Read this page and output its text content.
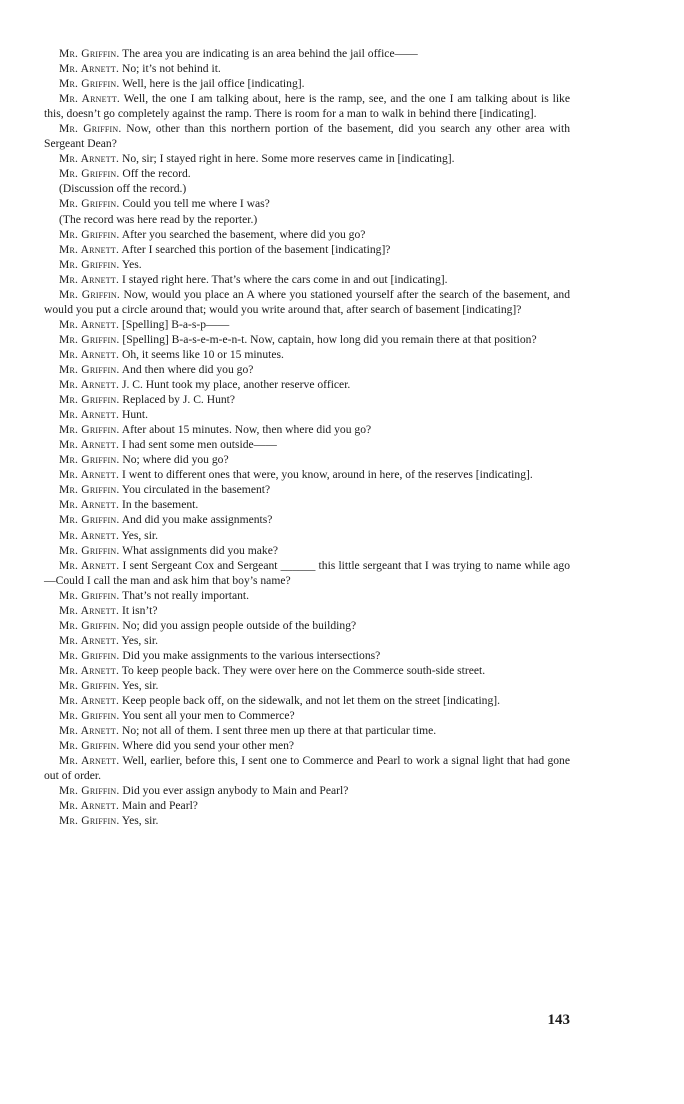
Mr. Griffin. The area you are indicating is an area behind the jail office——

Mr. Arnett. No; it’s not behind it.

Mr. Griffin. Well, here is the jail office [indicating].

Mr. Arnett. Well, the one I am talking about, here is the ramp, see, and the one I am talking about is like this, doesn’t go completely against the ramp. There is room for a man to walk in behind there [indicating].

Mr. Griffin. Now, other than this northern portion of the basement, did you search any other area with Sergeant Dean?

Mr. Arnett. No, sir; I stayed right in here. Some more reserves came in [indicating].

Mr. Griffin. Off the record.

(Discussion off the record.)

Mr. Griffin. Could you tell me where I was?

(The record was here read by the reporter.)

Mr. Griffin. After you searched the basement, where did you go?

Mr. Arnett. After I searched this portion of the basement [indicating]?

Mr. Griffin. Yes.

Mr. Arnett. I stayed right here. That’s where the cars come in and out [indicating].

Mr. Griffin. Now, would you place an A where you stationed yourself after the search of the basement, and would you put a circle around that; would you write around that, after search of basement [indicating]?

Mr. Arnett. [Spelling] B-a-s-p——

Mr. Griffin. [Spelling] B-a-s-e-m-e-n-t. Now, captain, how long did you remain there at that position?

Mr. Arnett. Oh, it seems like 10 or 15 minutes.

Mr. Griffin. And then where did you go?

Mr. Arnett. J. C. Hunt took my place, another reserve officer.

Mr. Griffin. Replaced by J. C. Hunt?

Mr. Arnett. Hunt.

Mr. Griffin. After about 15 minutes. Now, then where did you go?

Mr. Arnett. I had sent some men outside——

Mr. Griffin. No; where did you go?

Mr. Arnett. I went to different ones that were, you know, around in here, of the reserves [indicating].

Mr. Griffin. You circulated in the basement?

Mr. Arnett. In the basement.

Mr. Griffin. And did you make assignments?

Mr. Arnett. Yes, sir.

Mr. Griffin. What assignments did you make?

Mr. Arnett. I sent Sergeant Cox and Sergeant ______ this little sergeant that I was trying to name while ago—Could I call the man and ask him that boy’s name?

Mr. Griffin. That’s not really important.

Mr. Arnett. It isn’t?

Mr. Griffin. No; did you assign people outside of the building?

Mr. Arnett. Yes, sir.

Mr. Griffin. Did you make assignments to the various intersections?

Mr. Arnett. To keep people back. They were over here on the Commerce south-side street.

Mr. Griffin. Yes, sir.

Mr. Arnett. Keep people back off, on the sidewalk, and not let them on the street [indicating].

Mr. Griffin. You sent all your men to Commerce?

Mr. Arnett. No; not all of them. I sent three men up there at that particular time.

Mr. Griffin. Where did you send your other men?

Mr. Arnett. Well, earlier, before this, I sent one to Commerce and Pearl to work a signal light that had gone out of order.

Mr. Griffin. Did you ever assign anybody to Main and Pearl?

Mr. Arnett. Main and Pearl?

Mr. Griffin. Yes, sir.

143
